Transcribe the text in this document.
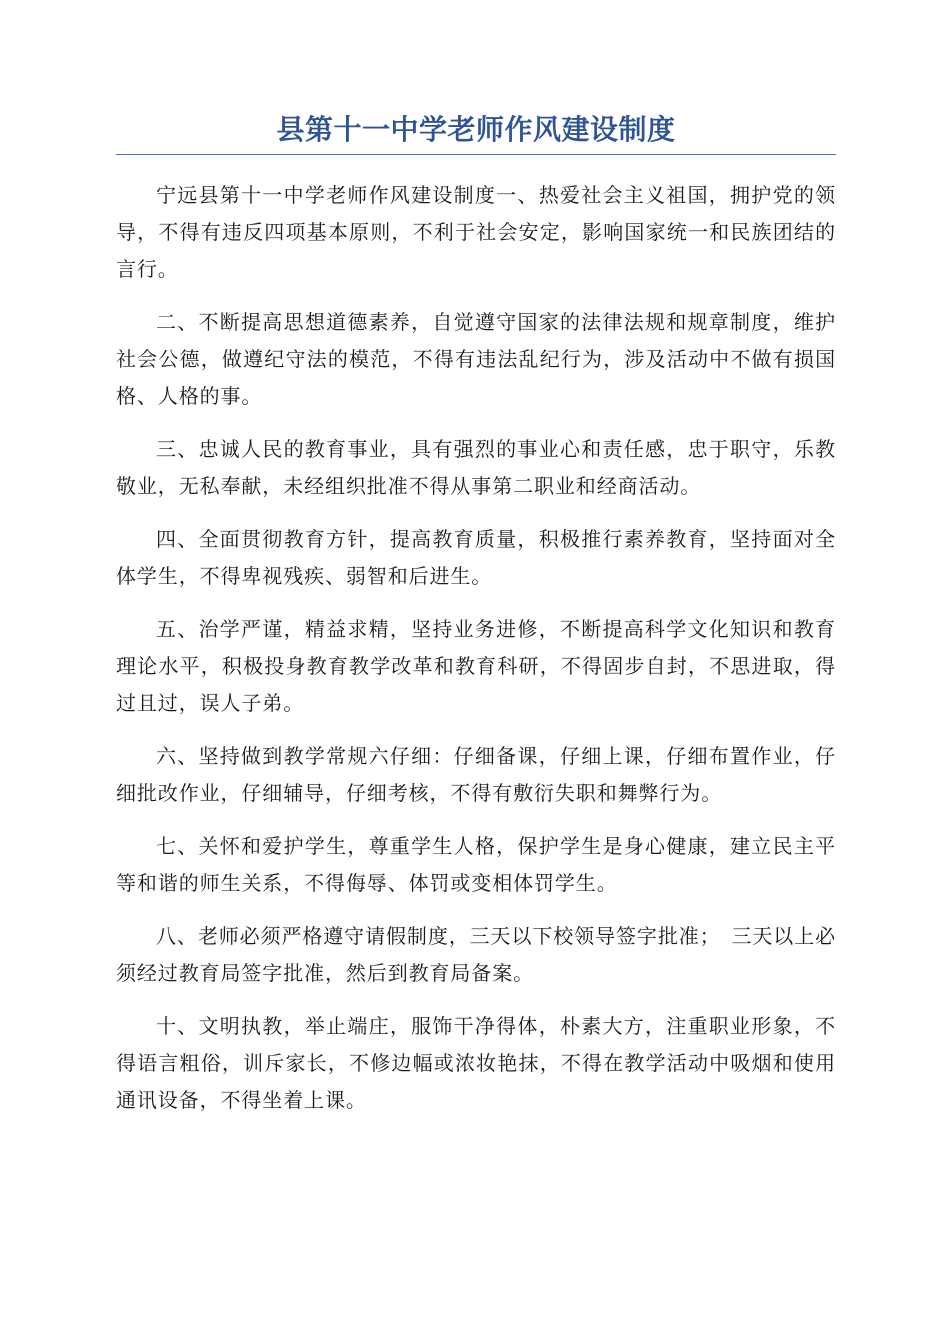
县第十一中学老师作风建设制度

宁远县第十一中学老师作风建设制度一、热爱社会主义祖国，拥护党的领导，不得有违反四项基本原则，不利于社会安定，影响国家统一和民族团结的言行。

二、不断提高思想道德素养，自觉遵守国家的法律法规和规章制度，维护社会公德，做遵纪守法的模范，不得有违法乱纪行为，涉及活动中不做有损国格、人格的事。

三、忠诚人民的教育事业，具有强烈的事业心和责任感，忠于职守，乐教敬业，无私奉献，未经组织批准不得从事第二职业和经商活动。

四、全面贯彻教育方针，提高教育质量，积极推行素养教育，坚持面对全体学生，不得卑视残疾、弱智和后进生。

五、治学严谨，精益求精，坚持业务进修，不断提高科学文化知识和教育理论水平，积极投身教育教学改革和教育科研，不得固步自封，不思进取，得过且过，误人子弟。

六、坚持做到教学常规六仔细：仔细备课，仔细上课，仔细布置作业，仔细批改作业，仔细辅导，仔细考核，不得有敷衍失职和舞弊行为。

七、关怀和爱护学生，尊重学生人格，保护学生是身心健康，建立民主平等和谐的师生关系，不得侮辱、体罚或变相体罚学生。

八、老师必须严格遵守请假制度，三天以下校领导签字批准；　三天以上必须经过教育局签字批准，然后到教育局备案。

十、文明执教，举止端庄，服饰干净得体，朴素大方，注重职业形象，不得语言粗俗，训斥家长，不修边幅或浓妆艳抹，不得在教学活动中吸烟和使用通讯设备，不得坐着上课。
